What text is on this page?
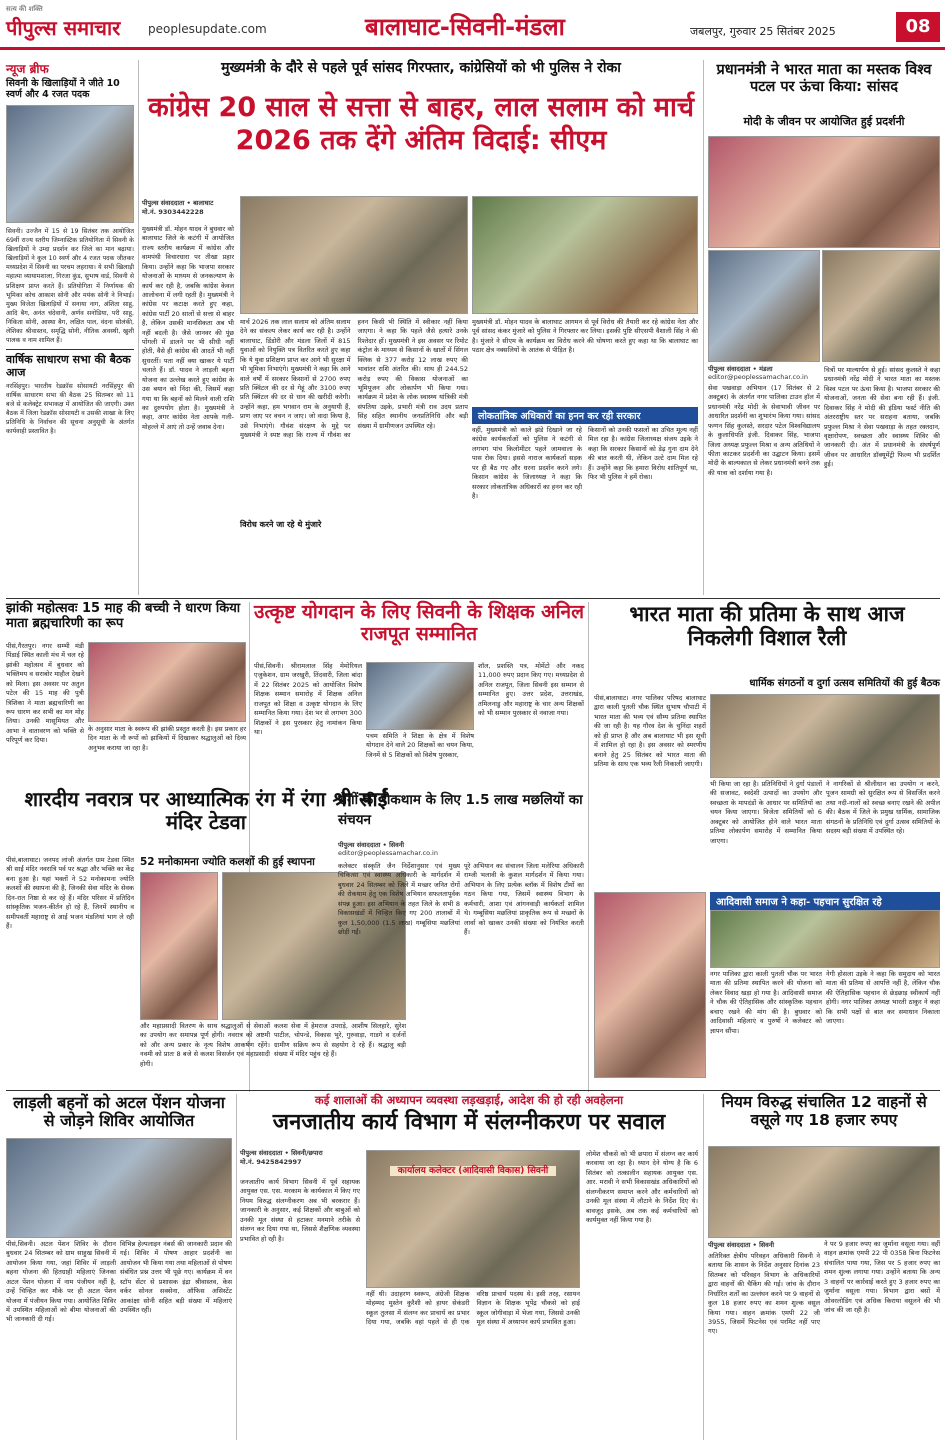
सत्य की शक्ति
पीपुल्स समाचार peoplesupdate.com	बालाघाट-सिवनी-मंडला	जबलपुर, गुरुवार 25 सितंबर 2025	08
न्यूज ब्रीफ
सिवनी के खिलाड़ियों ने जीते 10 स्वर्ण और 4 रजत पदक
सिवनी। उज्जैन में 15 से 19 सितंबर तक आयोजित 69वीं राज्य स्तरीय जिम्नास्टिक प्रतियोगिता में सिवनी के खिलाड़ियों ने उम्दा प्रदर्शन कर जिले का मान बढ़ाया। खिलाड़ियों ने कुल 10 स्वर्ण और 4 रजत पदक जीतकर मध्यप्रदेश में सिवनी का परचम लहराया। ये सभी खिलाड़ी महात्मा व्यायामशाला, गिरजा कुंड, सुभाष वार्ड, सिवनी से प्रशिक्षण प्राप्त करते हैं। प्रतियोगिता में निर्णायक की भूमिका कोच आकाश सोनी और मयंक सोनी ने निभाई। मुख्य विजेता खिलाड़ियों में सनाया नाग, अंशिता साहू, आदि बैग, अनंत चंदेवानी, अर्णव सनोडिया, परी साहू, निकिता सोनी, आस्था बैग, लक्षित पाल, वंदना सोलंकी, लेशिका श्रीवास्तव, समृद्धि सोनी, नीतिक अवस्थी, खुशी पालक व नाम शामिल हैं।
वार्षिक साधारण सभा की बैठक आज
नरसिंहपुर। भारतीय रेडक्रॉस सोसायटी नरसिंहपुर की वार्षिक साधारण सभा की बैठक 25 सितम्बर को 11 बजे से कलेक्ट्रेट सभाकक्ष में आयोजित की जाएगी। उक्त बैठक में जिला रेडक्रॉस सोसायटी व उसकी शाखा के लिए प्रतिनिधि के निर्वाचन की सूचना अनुसूची के अंतर्गत कार्यवाही प्रस्तावित है।
मुख्यमंत्री के दौरे से पहले पूर्व सांसद गिरफ्तार, कांग्रेसियों को भी पुलिस ने रोका
कांग्रेस 20 साल से सत्ता से बाहर, लाल सलाम को मार्च 2026 तक देंगे अंतिम विदाई: सीएम
पीपुल्स संवाददाता • बालाघाट
मो.नं. 9303442228
मुख्यमंत्री डॉ. मोहन यादव ने बुधवार को बालाघाट जिले के कटंगी में आयोजित राज्य स्तरीय कार्यक्रम में कांग्रेस और वामपंथी विचारधारा पर तीखा प्रहार किया। उन्होंने कहा कि भाजपा सरकार योजनाओं के माध्यम से जनकल्याण के कार्य कर रही है, जबकि कांग्रेस केवल आलोचना में लगी रहती है। मुख्यमंत्री ने कांग्रेस पर कटाक्ष करते हुए कहा, कांग्रेस पार्टी 20 सालों से सत्ता से बाहर है, लेकिन उसकी मानसिकता अब भी नहीं बदली है। जैसे जानवर की पूंछ पोंगली में डालने पर भी सीधी नहीं होती, वैसे ही कांग्रेस की आदतें भी नहीं सुधरतीं। पता नहीं क्या खाकर ये पार्टी चलाते हैं। डॉ. यादव ने लाड़ली बहना योजना का उल्लेख करते हुए कांग्रेस के उस बयान को निंदा की, जिसमें कहा गया था कि बहनों को मिलने वाली राशि का दुरुपयोग होता है। मुख्यमंत्री ने कहा, अगर कांग्रेस नेता आपके गली-मोहल्ले में आएं तो उन्हें जवाब देना।
मार्च 2026 तक लाल सलाम को अंतिम सलाम देने का संकल्प लेकर कार्य कर रही है। उन्होंने बालाघाट, डिंडोरी और मंडला जिलों में 815 युवाओं को नियुक्ति पत्र वितरित करते हुए कहा कि ये युवा प्रशिक्षण प्राप्त कर आगे भी सुरक्षा में भी भूमिका निभाएंगे। मुख्यमंत्री ने कहा कि आने वाले वर्षों में सरकार किसानों से 2700 रुपए प्रति क्विंटल की दर से गेहूं और 3100 रुपए प्रति क्विंटल की दर से धान की खरीदी करेगी। उन्होंने कहा, हम भगवान राम के अनुयायी हैं, प्राण जाए पर वचन न जाए। जो वादा किया है, उसे निभाएंगे। गौवंश संरक्षण के मुद्दे पर मुख्यमंत्री ने स्पष्ट कहा कि राज्य में गौवंश का हनन किसी भी स्थिति में स्वीकार नहीं किया जाएगा। ने कहा कि पहले जैसे हत्यारे उनके रिश्तेदार हों। मुख्यमंत्री ने इस अवसर पर रिमोट कंट्रोल के माध्यम से किसानों के खातों में सिंगल क्लिक से 377 करोड़ 12 लाख रुपए की भावांतर राशि अंतरित की। साथ ही 244.52 करोड़ रुपए की विकास योजनाओं का भूमिपूजन और लोकार्पण भी किया गया। कार्यक्रम में प्रदेश के लोक स्वास्थ्य यांत्रिकी मंत्री संपतिया उइके, प्रभारी मंत्री राव उदय प्रताप सिंह सहित स्थानीय जनप्रतिनिधि और बड़ी संख्या में ग्रामीणजन उपस्थित रहे।
मुख्यमंत्री डॉ. मोहन यादव के बालाघाट आगमन से पूर्व विरोध की तैयारी कर रहे कांग्रेस नेता और पूर्व सांसद कंकर मुंजारे को पुलिस ने गिरफ्तार कर लिया। इसकी पुष्टि सीएसपी वैशाली सिंह ने की है। मुंजारे ने सीएम के कार्यक्रम का विरोध करने की घोषणा करते हुए कहा था कि बालाघाट का पठार क्षेत्र नक्सलियों के आतंक से पीड़ित है।
लोकतांत्रिक अधिकारों का हनन कर रही सरकार
वहीं, मुख्यमंत्री को काले झंडे दिखाने जा रहे कांग्रेस कार्यकर्ताओं को पुलिस ने कटंगी से लगभग पांच किलोमीटर पहले जामवाला के पास रोक दिया। इससे नाराज कार्यकर्ता सड़क पर ही बैठ गए और धरना प्रदर्शन करने लगे। किसान कांग्रेस के जिलाध्यक्ष ने कहा कि सरकार लोकतांत्रिक अधिकारों का हनन कर रही है।
किसानों को उनकी फसलों का उचित मूल्य नहीं मिल रहा है। कांग्रेस जिलाध्यक्ष संजय उइके ने कहा कि सरकार किसानों को डेढ़ गुना दाम देने की बात करती थी, लेकिन उल्टे दाम मिल रहे हैं। उन्होंने कहा कि हमारा विरोध शांतिपूर्ण था, फिर भी पुलिस ने हमें रोका।
विरोध करने जा रहे थे मुंजारे
प्रधानमंत्री ने भारत माता का मस्तक विश्व पटल पर ऊंचा किया: सांसद
मोदी के जीवन पर आयोजित हुई प्रदर्शनी
पीपुल्स संवाददाता • मंडला
editor@peoplessamachar.co.in
सेवा पखवाड़ा अभियान (17 सितंबर से 2 अक्टूबर) के अंतर्गत नगर पालिका टाउन हॉल में प्रधानमंत्री नरेंद्र मोदी के सेवाभावी जीवन पर आधारित प्रदर्शनी का शुभारंभ किया गया। सांसद फग्गन सिंह कुलस्ते, सरदार पटेल विश्वविद्यालय के कुलाधिपति इंजी. दिवाकर सिंह, भाजपा जिला अध्यक्ष प्रफुल्ल मिश्रा व अन्य अतिथियों ने फीता काटकर प्रदर्शनी का उद्घाटन किया। इसमें मोदी के बाल्यकाल से लेकर प्रधानमंत्री बनने तक की यात्रा को दर्शाया गया है।
चित्रों पर माल्यार्पण से हुई। सांसद कुलस्ते ने कहा प्रधानमंत्री नरेंद्र मोदी ने भारत माता का मस्तक विश्व पटल पर ऊंचा किया है। भाजपा सरकार की योजनाओं, जनता की सेवा बना रही हैं। इंजी. दिवाकर सिंह ने मोदी की इंडिया फर्स्ट नीति की अंतरराष्ट्रीय स्तर पर सराहना बताया, जबकि प्रफुल्ल मिश्रा ने सेवा पखवाड़ा के तहत रक्तदान, वृक्षारोपण, स्वच्छता और स्वास्थ्य शिविर की जानकारी दी। अंत में प्रधानमंत्री के संघर्षपूर्ण जीवन पर आधारित डॉक्यूमेंट्री फिल्म भी प्रदर्शित हुई।
झांकी महोत्सवः 15 माह की बच्ची ने धारण किया माता ब्रह्मचारिणी का रूप
पीसं,गैरतपुर। नगर सम्भी मंडी पिंडाई स्थित काली मंच में चल रहे झांकी महोत्सव में बुधवार को भक्तिमय व सराबोर माहौल देखने को मिला। इस अवसर पर अतुल पटेल की 15 माह की पुत्री त्रिशिका ने माता ब्रह्मचारिणी का रूप धारण कर सभी का मन मोह लिया। उनकी मासूमियत और आभा ने वातावरण को भक्ति से परिपूर्ण कर दिया।
के अनुसार माता के स्वरूप की झांकी प्रस्तुत करती है। इस प्रकार हर दिन माता के नौ रूपों को झांकियों में दिखाकर श्रद्धालुओं को दिव्य अनुभव कराया जा रहा है।
उत्कृष्ट योगदान के लिए सिवनी के शिक्षक अनिल राजपूत सम्मानित
पीसं,सिवनी। श्रीरामलाल सिंह मेमोरियल एजुकेशन, ग्राम जरखुरी, तिंदवारी, जिला बांदा में 22 सितंबर 2025 को आयोजित विशेष शिक्षक सम्मान समारोह में शिक्षक अनिल राजपूत को शिक्षा व उत्कृष्ट योगदान के लिए सम्मानित किया गया। देश भर से लगभग 300 शिक्षकों ने इस पुरस्कार हेतु नामांकन किया था।
पचम समिति ने शिक्षा के क्षेत्र में विशेष योगदान देने वाले 20 शिक्षकों का चयन किया, जिनमें से 5 शिक्षकों को विशेष पुरस्कार,
शॉल, प्रशस्ति पत्र, मोमेंटो और नकद 11,000 रुपए प्रदान किए गए। मध्यप्रदेश से अनिल राजपूत, जिला सिवनी इस सम्मान से सम्मानित हुए। उत्तर प्रदेश, उत्तराखंड, तमिलनाडु और महाराष्ट्र के चार अन्य शिक्षकों को भी सम्मान पुरस्कार से नवाजा गया।
भारत माता की प्रतिमा के साथ आज निकलेगी विशाल रैली
धार्मिक संगठनों व दुर्गा उत्सव समितियों की हुई बैठक
पीसं,बालाघाट। नगर पालिका परिषद बालाघाट द्वारा काली पुतली चौक स्थित सुभाष चौपाटी में भारत माता की भव्य एवं सौम्य प्रतिमा स्थापित की जा रही है। यह गौरव देश के चुनिंदा शहरों को ही प्राप्त है और अब बालाघाट भी इस सूची में शामिल हो रहा है। इस अवसर को स्मरणीय बनाने हेतु 25 सितंबर को भारत माता की प्रतिमा के साथ एक भव्य रैली निकाली जाएगी।
भी किया जा रहा है। प्रतिनिधियों ने दुर्गा पंडालों की सजावट, स्वदेशी उत्पादों का उपयोग और स्वच्छता के मापदंडों के आधार पर समितियों का चयन किया जाएगा। विजेता समितियों को 6 अक्टूबर को आयोजित होने वाले भारत माता प्रतिमा लोकार्पण समारोह में सम्मानित किया जाएगा।
ने नागरिकों से श्रीलीधान का उपयोग न करने, पूजन सामग्री को सुरक्षित रूप से विसर्जित करने तथा नदी-नालों को स्वच्छ बनाए रखने की अपील की। बैठक में जिले के प्रमुख धार्मिक, सामाजिक संगठनों के प्रतिनिधि एवं दुर्गा उत्सव समितियों के सदस्य बड़ी संख्या में उपस्थित रहे।
आदिवासी समाज ने कहा- पहचान सुरक्षित रहे
नगर पालिका द्वारा काली पुतली चौक पर भारत माता की प्रतिमा स्थापित करने की योजना को लेकर विवाद खड़ा हो गया है। आदिवासी समाज ने चौक की ऐतिहासिक और सांस्कृतिक पहचान बचाए रखने की मांग की है। बुधवार को आदिवासी महिलाएं व पुरुषों ने कलेक्टर को ज्ञापन सौंपा।
नेगी होसला उइके ने कहा कि समुदाय को भारत माता की प्रतिमा से आपत्ति नहीं है, लेकिन चौक की ऐतिहासिक पहचान से छेड़छाड़ स्वीकार्य नहीं होगी। नगर पालिका अध्यक्ष भारती ठाकुर ने कहा कि सभी पक्षों से बात कर समाधान निकाला जाएगा।
शारदीय नवरात्र पर आध्यात्मिक रंग में रंगा श्री साईं मंदिर टेडवा
52 मनोकामना ज्योति कलशों की हुई स्थापना
पीसं,बालाघाट। जनपद लांजी अंतर्गत ग्राम टेडवा स्थित श्री साईं मंदिर नवरात्रि पर्व पर श्रद्धा और भक्ति का केंद्र बना हुआ है। यहां भक्तों ने 52 मनोकामना ज्योति कलशों की स्थापना की है, जिनकी सेवा मंदिर के सेवक दिन-रात निष्ठा से कर रहे हैं। मंदिर परिसर में प्रतिदिन सांस्कृतिक भजन-कीर्तन हो रहे हैं, जिनमें स्थानीय व समीपवर्ती महाराष्ट्र से आई भजन मंडलियां भाग ले रही हैं।
और महाप्रसादी वितरण के साथ श्रद्धालुओं से सेवाओं का उपयोग कर समापन्न पूर्ण होगी। नवरात्र को अष्टमी को और अन्य प्रकार के नृत्य विशेष आकर्षण रहेंगे। नवमी को प्रातः 8 बजे से कलश विसर्जन एवं महाप्रसादी होगी।
कलश सेवा में हेमराज उपराड़े, आशीष सिलहारे, सुरेश पाटील, चोपन्डे, विकास भुरे, गुरुवाड़ा, गाडगे व दर्जनों ग्रामीण सक्रिय रूप से सहयोग दे रहे हैं। श्रद्धालु बड़ी संख्या में मंदिर पहुंच रहे हैं।
रोगों की रोकथाम के लिए 1.5 लाख मछलियों का संचयन
पीपुल्स संवाददाता • सिवनी
editor@peoplessamachar.co.in
कलेक्टर संस्कृति जैन निर्देशानुसार एवं मुख्य चिकित्सा एवं स्वास्थ्य अधिकारी के मार्गदर्शन में बुधवार 24 सितम्बर को जिले में मच्छर जनित रोगों की रोकथाम हेतु एक विशेष अभियान सफलतापूर्वक संपन्न हुआ। इस अभियान के तहत जिले के सभी 8 विकासखंडों में चिन्हित किए गए 200 तालाबों में कुल 1,50,000 (1.5 लाख) गम्बूसिया मछलियां छोड़ी गईं।
पूरे अभियान का संचालन जिला मलेरिया अधिकारी राम्जी भलावी के कुशल मार्गदर्शन में किया गया। अभियान के लिए प्रत्येक ब्लॉक में विशेष टीमों का गठन किया गया, जिसमें स्वास्थ्य विभाग के कर्मचारी, आशा एवं आंगनवाड़ी कार्यकर्ता शामिल थे। गम्बूसिया मछलियां प्राकृतिक रूप से मच्छरों के लार्वा को खाकर उनकी संख्या को नियंत्रित करती हैं।
कई शालाओं की अध्यापन व्यवस्था लड़खड़ाई, आदेश की हो रही अवहेलना
जनजातीय कार्य विभाग में संलग्नीकरण पर सवाल
पीपुल्स संवाददाता • सिवनी/छपारा
मो.नं. 9425842997
जनजातीय कार्य विभाग सिवनी में पूर्व सहायक आयुक्त एस. एस. मरकाम के कार्यकाल में किए गए नियम विरुद्ध संलग्नीकरण अब भी बरकरार हैं। जानकारी के अनुसार, कई शिक्षकों और बाबुओं को उनकी मूल संस्था से हटाकर मनमाने तरीके से संलग्न कर दिया गया था, जिससे शैक्षणिक व्यवस्था प्रभावित हो रही है।
कार्यालय कलेक्टर (आदिवासी विकास) सिवनी
नहीं थी। उदाहरण स्वरूप, अंग्रेजी शिक्षक मोहम्मद मुस्तेन कुरैशी को हायर सेकंडरी स्कूल तुलसा में संलग्न कर प्राचार्य का प्रभार दिया गया, जबकि वहां पहले से ही एक वरिष्ठ प्राचार्य पदस्थ थे। इसी तरह, रसायन विज्ञान के शिक्षक भूपेंद्र चौकसे को हाई स्कूल जोगीवाड़ा में भेजा गया, जिससे उनकी मूल संस्था में अध्यापन कार्य प्रभावित हुआ।
लोमेश चौकसे को भी छपारा में संलग्न कर कार्य करवाया जा रहा है। ध्यान देने योग्य है कि 6 सितंबर को तत्कालीन सहायक आयुक्त एस. आर. मरावी ने सभी विकासखंड अधिकारियों को संलग्नीकरण समाप्त करने और कर्मचारियों को उनकी मूल संस्था में लौटाने के निर्देश दिए थे। बावजूद इसके, अब तक कई कर्मचारियों को कार्यमुक्त नहीं किया गया है।
लाड़ली बहनों को अटल पेंशन योजना से जोड़ने शिविर आयोजित
पीसं,सिवनी। अटल पेंशन शिविर के दौरान बुधवार 24 सितम्बर को ग्राम साहुख सिवनी में आयोजन किया गया, जहां शिविर में लाड़ली बहना योजना की हितग्राही महिलाएं जिनका अटल पेंशन योजना में नाम पंजीयन नहीं है, उन्हें चिन्हित कर मौके पर ही अटल पेंशन योजना में पंजीयन किया गया। आयोजित शिविर में उपस्थित महिलाओं को बीमा योजनाओं की भी जानकारी दी गई।
विभिन्न हेल्पलाइन नंबर्स की जानकारी प्रदान की गई। शिविर में पोषण आहार प्रदर्शनी का आयोजन भी किया गया तथा महिलाओं से पोषण संबंधित प्रश्न उत्तर भी पूछे गए। कार्यक्रम में वन स्टॉप सेंटर से प्रशासक इंद्रा श्रीवास्तव, केस वर्कर सोनल सक्सेना, ऑफिस असिस्टेंट आकांक्षा सोनी सहित बड़ी संख्या में महिलाएं उपस्थित रहीं।
नियम विरुद्ध संचालित 12 वाहनों से वसूले गए 18 हजार रुपए
पीपुल्स संवाददाता • सिवनी
अतिरिक्त क्षेत्रीय परिवहन अधिकारी सिवनी ने बताया कि शासन के निर्देश अनुसार दिनांक 23 सितम्बर को परिवहन विभाग के अधिकारियों द्वारा वाहनों की चैकिंग की गई। जांच के दौरान निर्धारित शर्तों का उल्लंघन करने पर 9 वाहनों से कुल 18 हजार रुपए का शमन शुल्क वसूल किया गया। वाहन क्रमांक एमपी 22 जी 3955, जिसमें फिटनेस एवं परमिट नहीं पाए गए।
ने पर 9 हजार रुपए का जुर्माना वसूला गया। वहीं वाहन क्रमांक एमपी 22 पी 0358 बिना फिटनेस संचालित पाया गया, जिस पर 5 हजार रुपए का शमन शुल्क लगाया गया। उन्होंने बताया कि अन्य 3 वाहनों पर कार्रवाई करते हुए 3 हजार रुपए का जुर्माना वसूला गया। विभाग द्वारा बसों में ओवरलोडिंग एवं अधिक किराया वसूलने की भी जांच की जा रही है।
